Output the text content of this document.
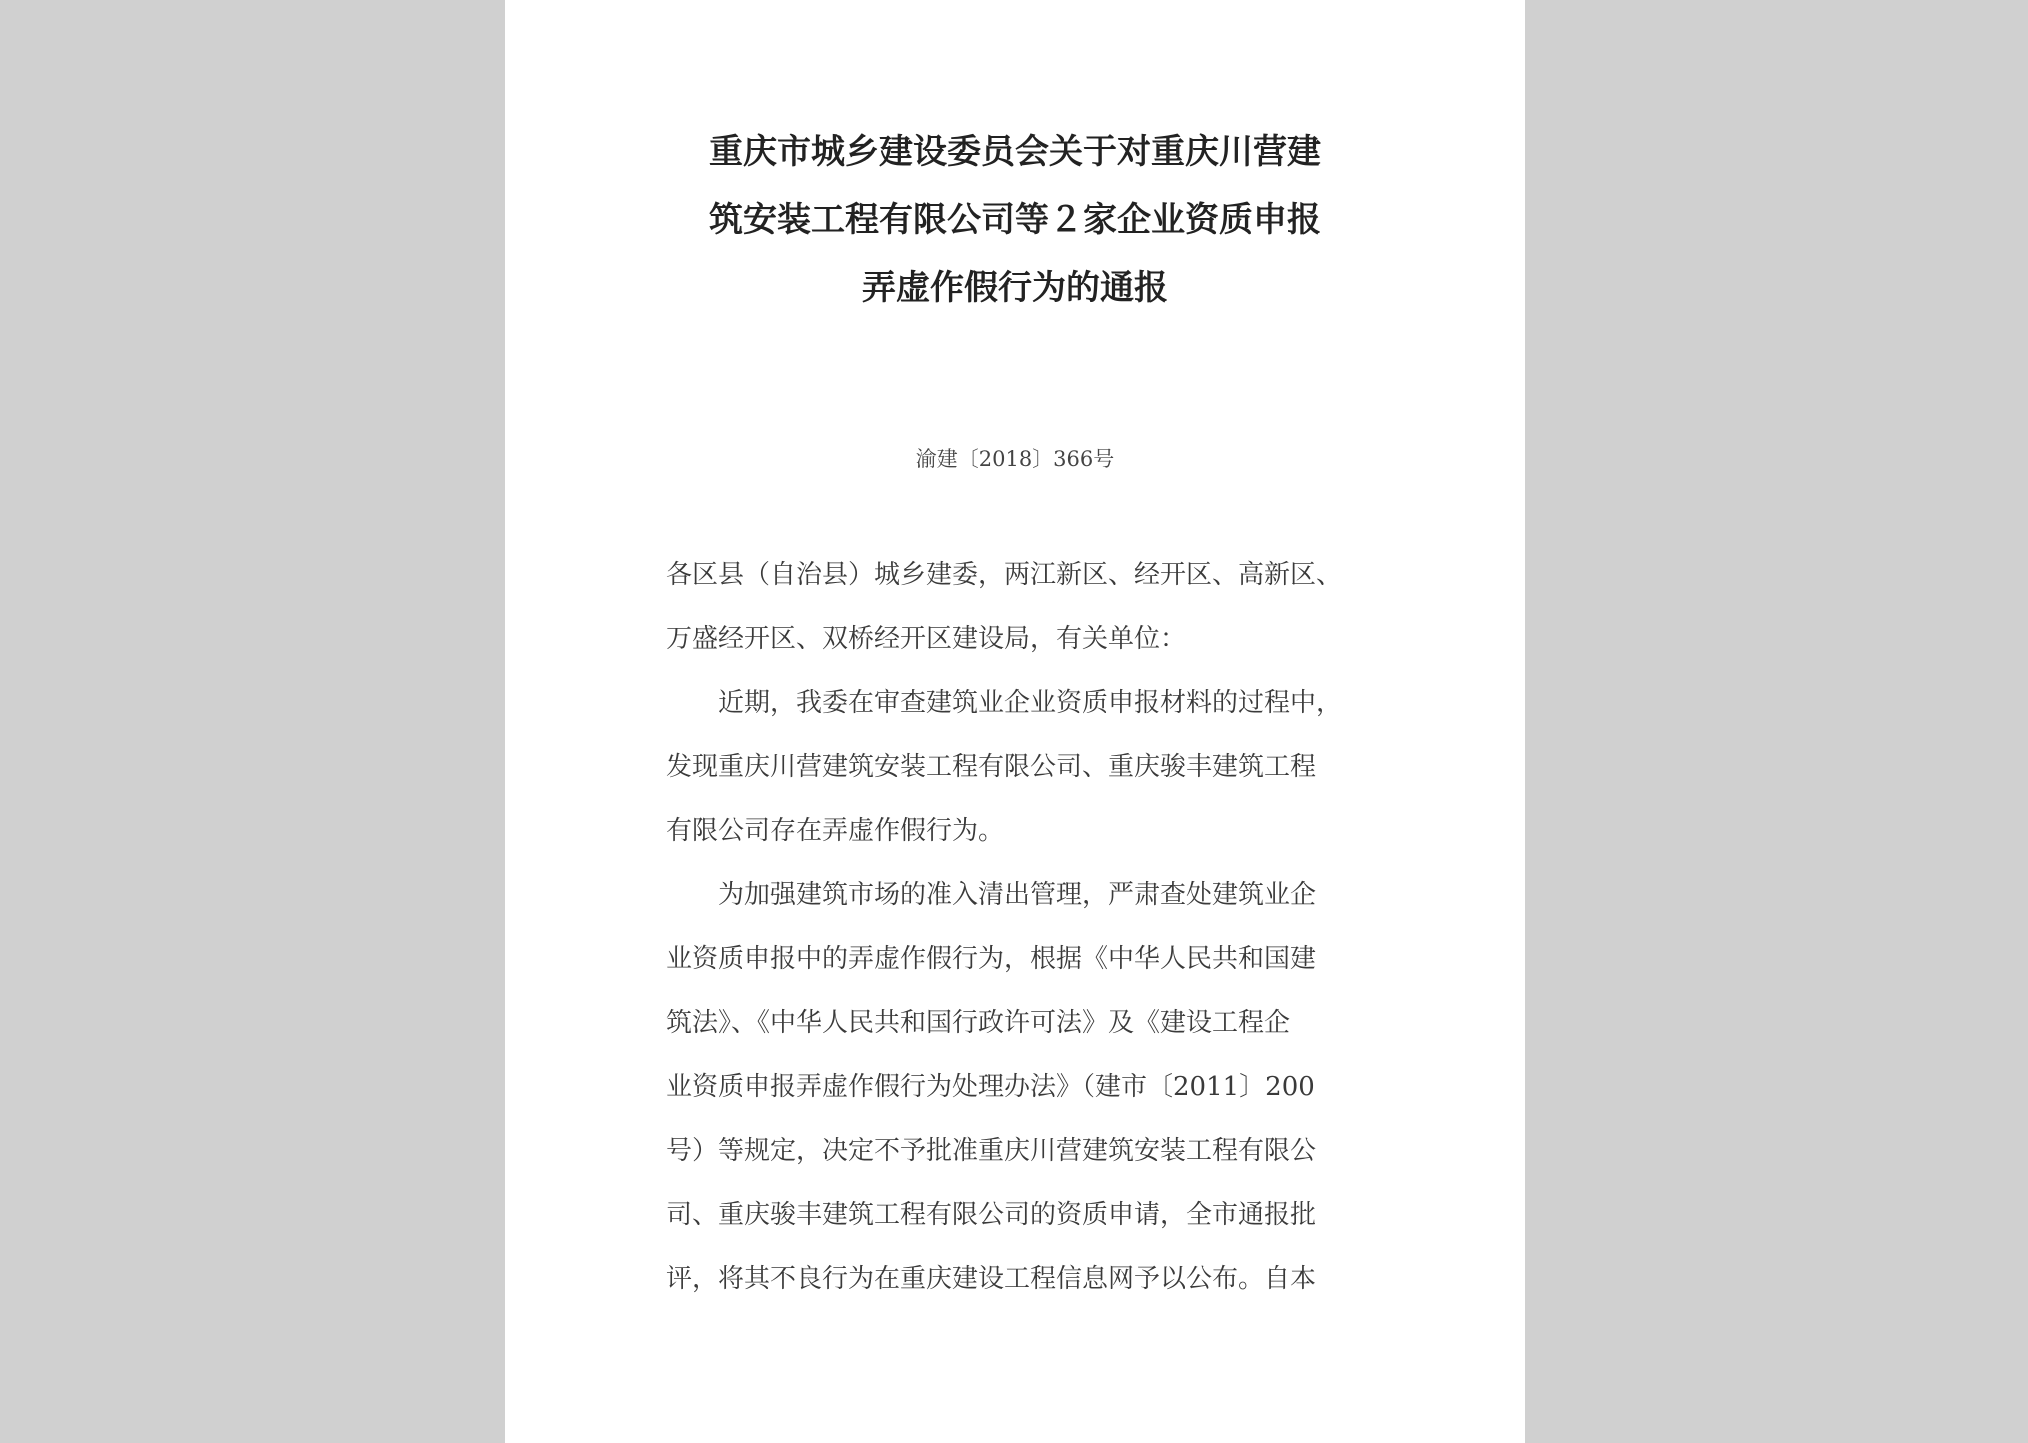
重庆市城乡建设委员会关于对重庆川营建
筑安装工程有限公司等２家企业资质申报
弄虚作假行为的通报
渝建〔2018〕366号
各区县（自治县）城乡建委，两江新区、经开区、高新区、
万盛经开区、双桥经开区建设局，有关单位：
近期，我委在审查建筑业企业资质申报材料的过程中，
发现重庆川营建筑安装工程有限公司、重庆骏丰建筑工程
有限公司存在弄虚作假行为。
为加强建筑市场的准入清出管理，严肃查处建筑业企
业资质申报中的弄虚作假行为，根据《中华人民共和国建
筑法》、《中华人民共和国行政许可法》及《建设工程企
业资质申报弄虚作假行为处理办法》（建市〔2011〕200
号）等规定，决定不予批准重庆川营建筑安装工程有限公
司、重庆骏丰建筑工程有限公司的资质申请，全市通报批
评，将其不良行为在重庆建设工程信息网予以公布。自本
